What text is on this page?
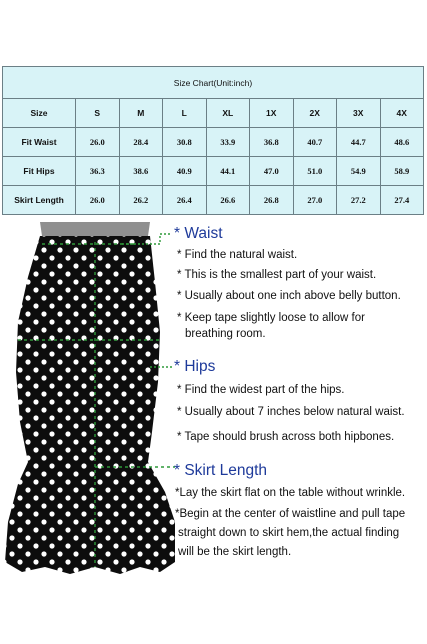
Size Chart(Unit:inch)								
Size	S	M	L	XL	1X	2X	3X	4X
Fit Waist	26.0	28.4	30.8	33.9	36.8	40.7	44.7	48.6
Fit Hips	36.3	38.6	40.9	44.1	47.0	51.0	54.9	58.9
Skirt Length	26.0	26.2	26.4	26.6	26.8	27.0	27.2	27.4
* Waist
* Find the natural waist.
* This is the smallest part of your waist.
* Usually about one inch above belly button.
* Keep tape slightly loose to allow for
breathing room.
* Hips
* Find the widest part of the hips.
* Usually about 7 inches below natural waist.
* Tape should brush across both hipbones.
* Skirt Length
*Lay the skirt flat on the table without wrinkle.
*Begin at the center of waistline and pull tape
straight down to skirt hem,the actual finding
will be the skirt length.
